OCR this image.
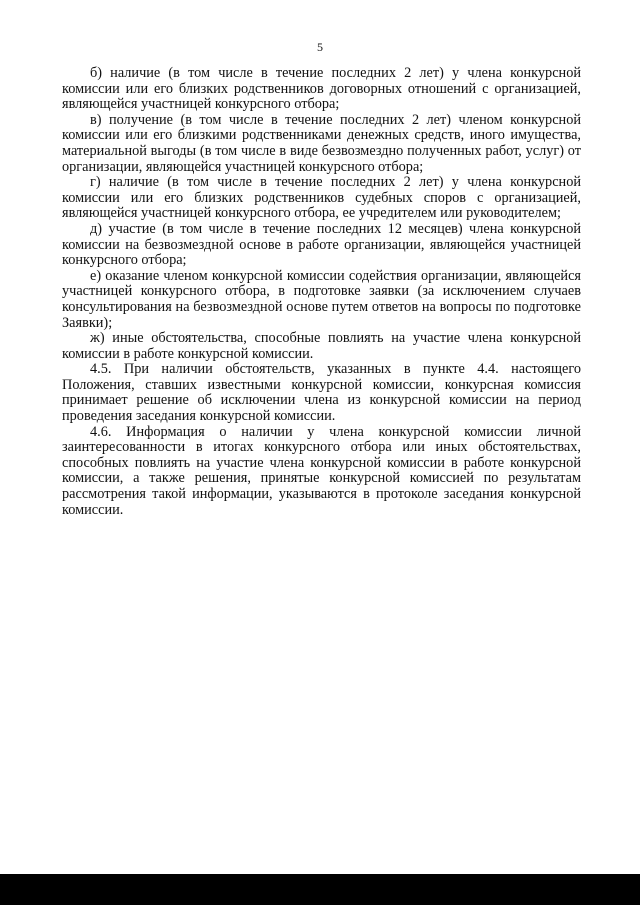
5

б) наличие (в том числе в течение последних 2 лет) у члена конкурсной комиссии или его близких родственников договорных отношений с организацией, являющейся участницей конкурсного отбора;

в) получение (в том числе в течение последних 2 лет) членом конкурсной комиссии или его близкими родственниками денежных средств, иного имущества, материальной выгоды (в том числе в виде безвозмездно полученных работ, услуг) от организации, являющейся участницей конкурсного отбора;

г) наличие (в том числе в течение последних 2 лет) у члена конкурсной комиссии или его близких родственников судебных споров с организацией, являющейся участницей конкурсного отбора, ее учредителем или руководителем;

д) участие (в том числе в течение последних 12 месяцев) члена конкурсной комиссии на безвозмездной основе в работе организации, являющейся участницей конкурсного отбора;

е) оказание членом конкурсной комиссии содействия организации, являющейся участницей конкурсного отбора, в подготовке заявки (за исключением случаев консультирования на безвозмездной основе путем ответов на вопросы по подготовке Заявки);

ж) иные обстоятельства, способные повлиять на участие члена конкурсной комиссии в работе конкурсной комиссии.

4.5. При наличии обстоятельств, указанных в пункте 4.4. настоящего Положения, ставших известными конкурсной комиссии, конкурсная комиссия принимает решение об исключении члена из конкурсной комиссии на период проведения заседания конкурсной комиссии.

4.6. Информация о наличии у члена конкурсной комиссии личной заинтересованности в итогах конкурсного отбора или иных обстоятельствах, способных повлиять на участие члена конкурсной комиссии в работе конкурсной комиссии, а также решения, принятые конкурсной комиссией по результатам рассмотрения такой информации, указываются в протоколе заседания конкурсной комиссии.
